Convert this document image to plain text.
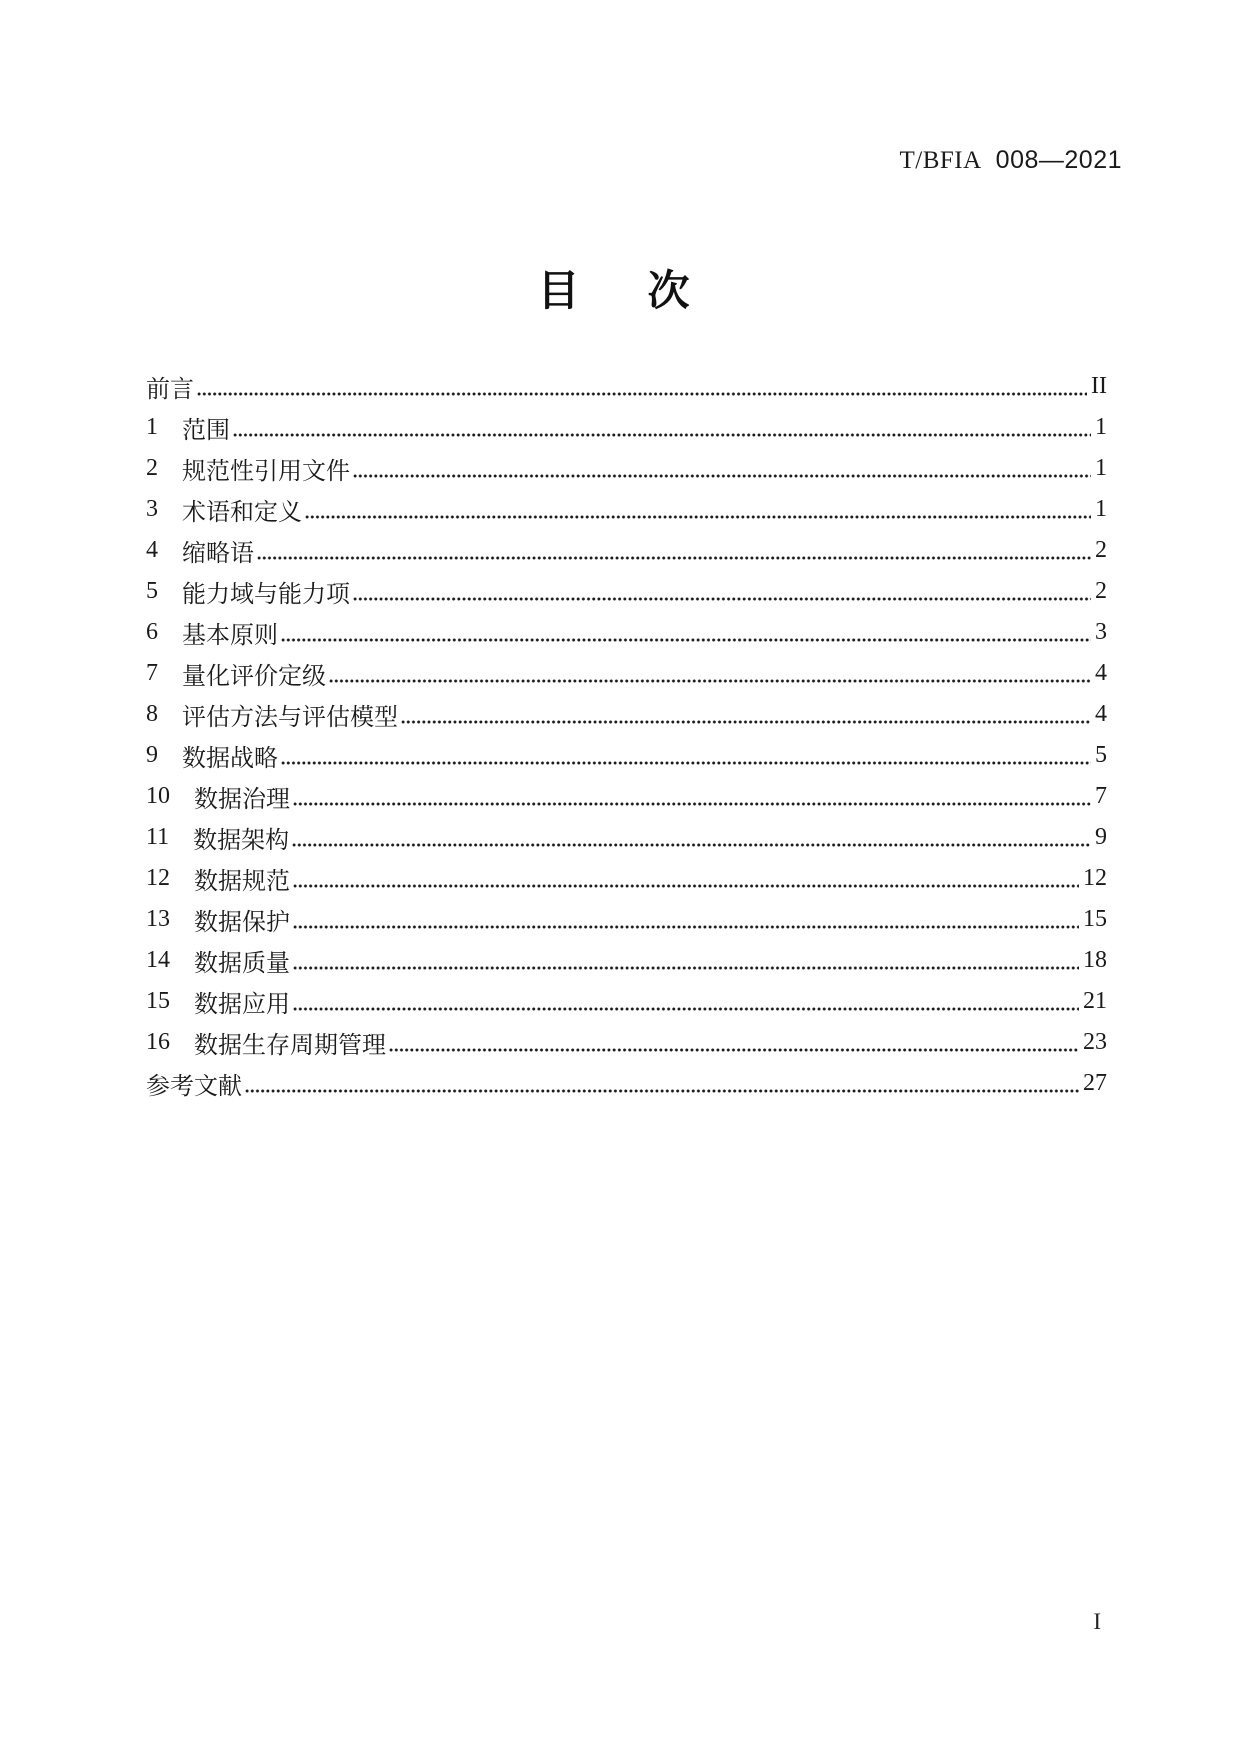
T/BFIA 008—2021
目　次
前言	II
1 范围	1
2 规范性引用文件	1
3 术语和定义	1
4 缩略语	2
5 能力域与能力项	2
6 基本原则	3
7 量化评价定级	4
8 评估方法与评估模型	4
9 数据战略	5
10 数据治理	7
11 数据架构	9
12 数据规范	12
13 数据保护	15
14 数据质量	18
15 数据应用	21
16 数据生存周期管理	23
参考文献	27
I
